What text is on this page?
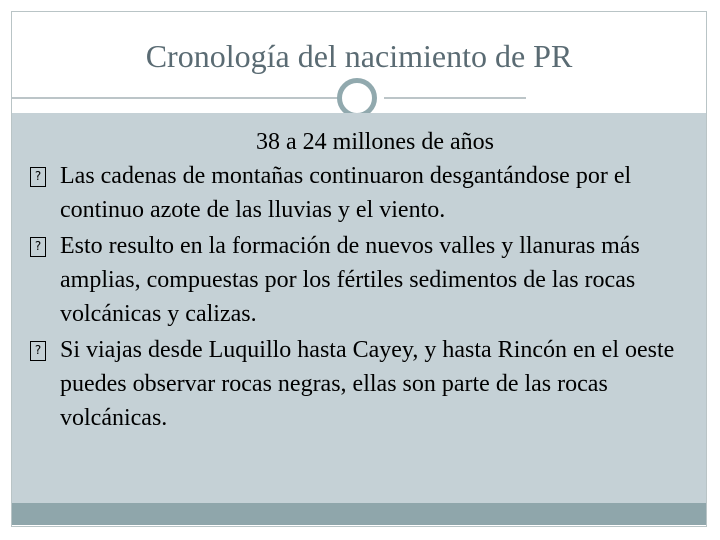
Cronología del nacimiento de PR

38 a 24 millones de años

? Las cadenas de montañas continuaron desgantándose por el continuo azote de las lluvias y el viento.

? Esto resulto en la formación de nuevos valles y llanuras más amplias, compuestas por los fértiles sedimentos de las rocas volcánicas y calizas.

? Si viajas desde Luquillo hasta Cayey, y hasta Rincón en el oeste puedes observar rocas negras, ellas son parte de las rocas volcánicas.
